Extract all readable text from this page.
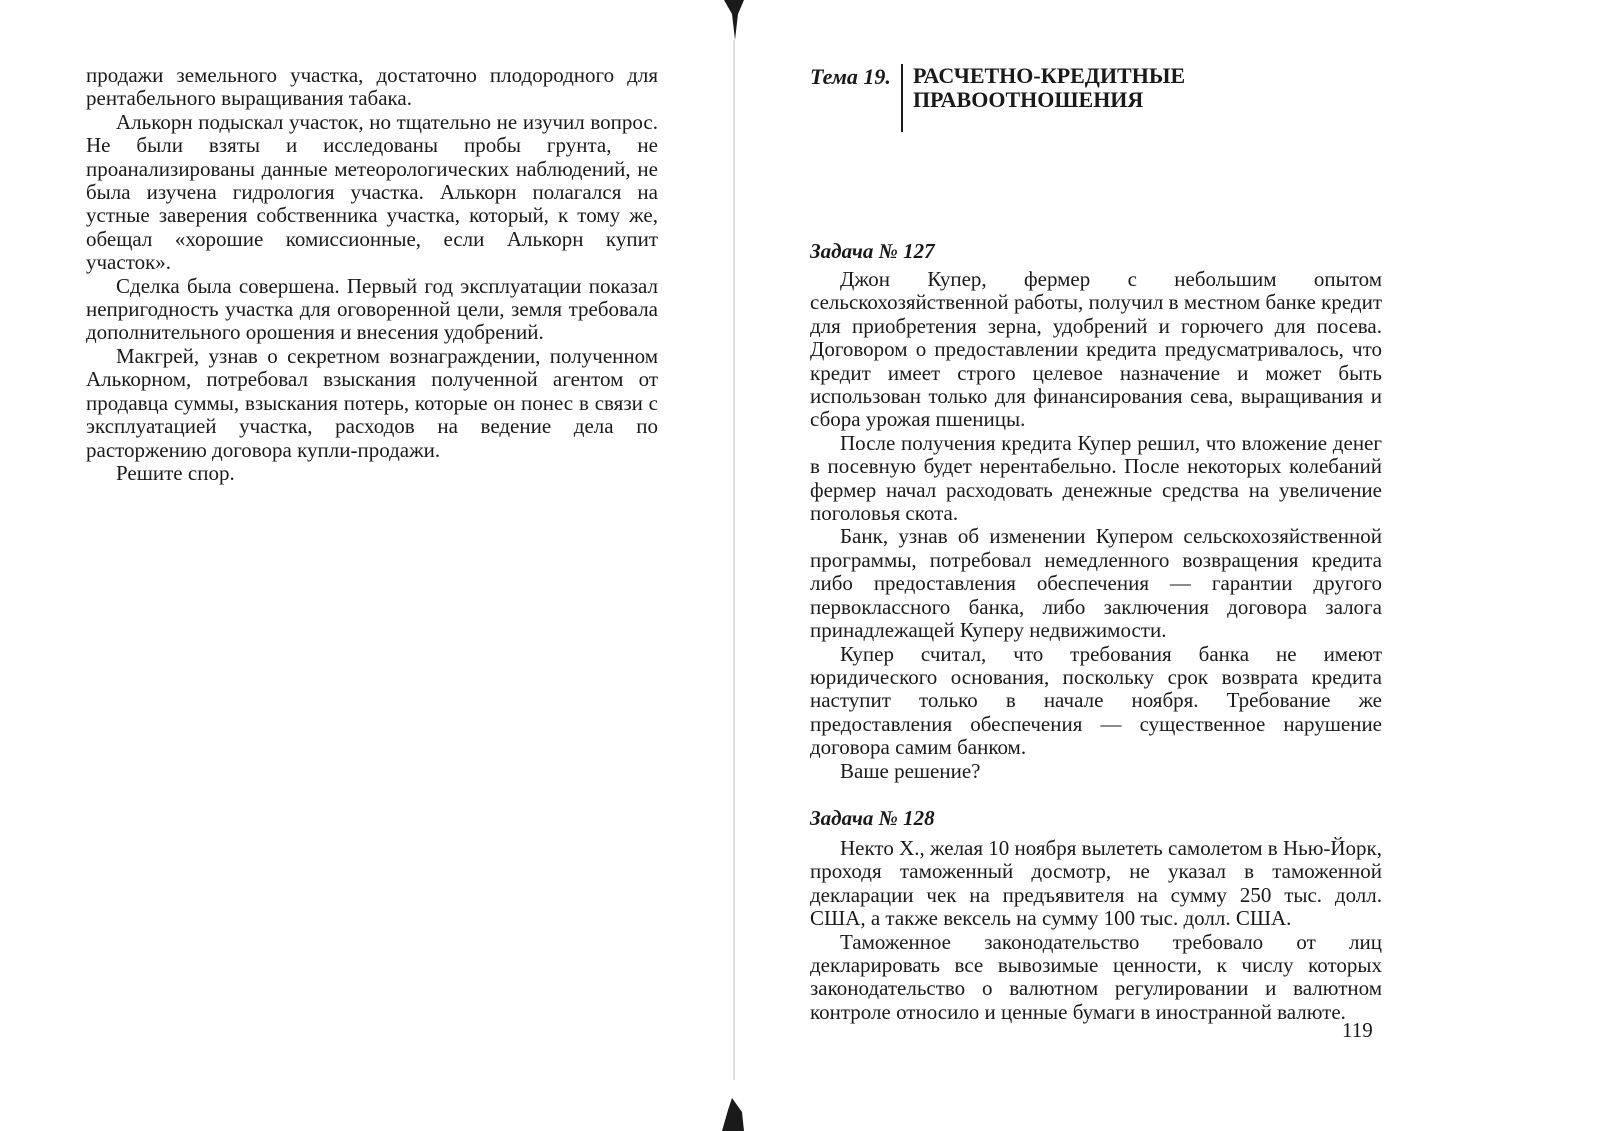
продажи земельного участка, достаточно плодородного для рентабельного выращивания табака.

Алькорн подыскал участок, но тщательно не изучил вопрос. Не были взяты и исследованы пробы грунта, не проанализированы данные метеорологических наблюдений, не была изучена гидрология участка. Алькорн полагался на устные заверения собственника участка, который, к тому же, обещал «хорошие комиссионные, если Алькорн купит участок».

Сделка была совершена. Первый год эксплуатации показал непригодность участка для оговоренной цели, земля требовала дополнительного орошения и внесения удобрений.

Макгрей, узнав о секретном вознаграждении, полученном Алькорном, потребовал взыскания полученной агентом от продавца суммы, взыскания потерь, которые он понес в связи с эксплуатацией участка, расходов на ведение дела по расторжению договора купли-продажи.

Решите спор.

Тема 19.	РАСЧЕТНО-КРЕДИТНЫЕ
ПРАВООТНОШЕНИЯ
Задача № 127

Джон Купер, фермер с небольшим опытом сельскохозяйственной работы, получил в местном банке кредит для приобретения зерна, удобрений и горючего для посева. Договором о предоставлении кредита предусматривалось, что кредит имеет строго целевое назначение и может быть использован только для финансирования сева, выращивания и сбора урожая пшеницы.

После получения кредита Купер решил, что вложение денег в посевную будет нерентабельно. После некоторых колебаний фермер начал расходовать денежные средства на увеличение поголовья скота.

Банк, узнав об изменении Купером сельскохозяйственной программы, потребовал немедленного возвращения кредита либо предоставления обеспечения — гарантии другого первоклассного банка, либо заключения договора залога принадлежащей Куперу недвижимости.

Купер считал, что требования банка не имеют юридического основания, поскольку срок возврата кредита наступит только в начале ноября. Требование же предоставления обеспечения — существенное нарушение договора самим банком.

Ваше решение?

Задача № 128

Некто X., желая 10 ноября вылететь самолетом в Нью-Йорк, проходя таможенный досмотр, не указал в таможенной декларации чек на предъявителя на сумму 250 тыс. долл. США, а также вексель на сумму 100 тыс. долл. США.

Таможенное законодательство требовало от лиц декларировать все вывозимые ценности, к числу которых законодательство о валютном регулировании и валютном контроле относило и ценные бумаги в иностранной валюте.

119
